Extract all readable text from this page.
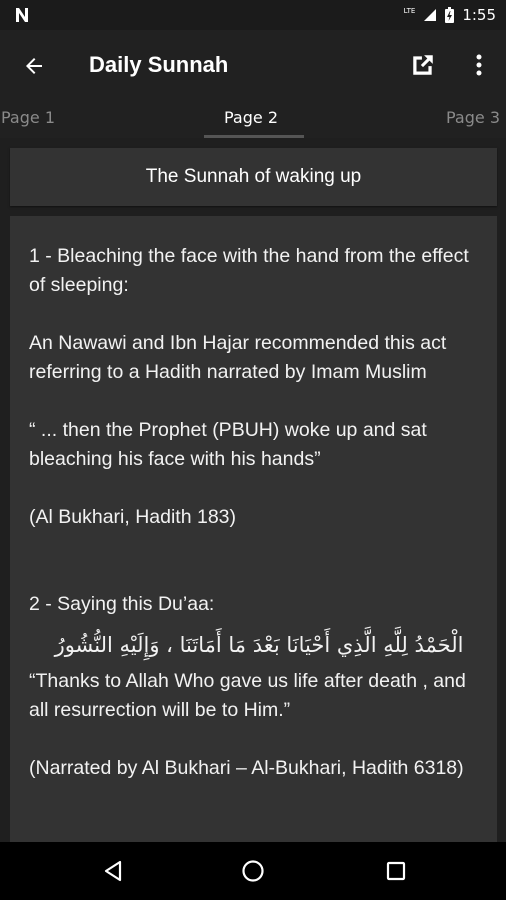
LTE	1:55
Daily Sunnah
Page 1	Page 2	Page 3
The Sunnah of waking up

1 - Bleaching the face with the hand from the effect of sleeping:

An Nawawi and Ibn Hajar recommended this act referring to a Hadith narrated by Imam Muslim

“ ... then the Prophet (PBUH) woke up and sat bleaching his face with his hands”

(Al Bukhari, Hadith 183)

2 - Saying this Du’aa:

الْحَمْدُ لِلَّهِ الَّذِي أَحْيَانَا بَعْدَ مَا أَمَاتَنَا ، وَإِلَيْهِ النُّشُورُ

“Thanks to Allah Who gave us life after death , and all resurrection will be to Him.”

(Narrated by Al Bukhari – Al-Bukhari, Hadith 6318)
